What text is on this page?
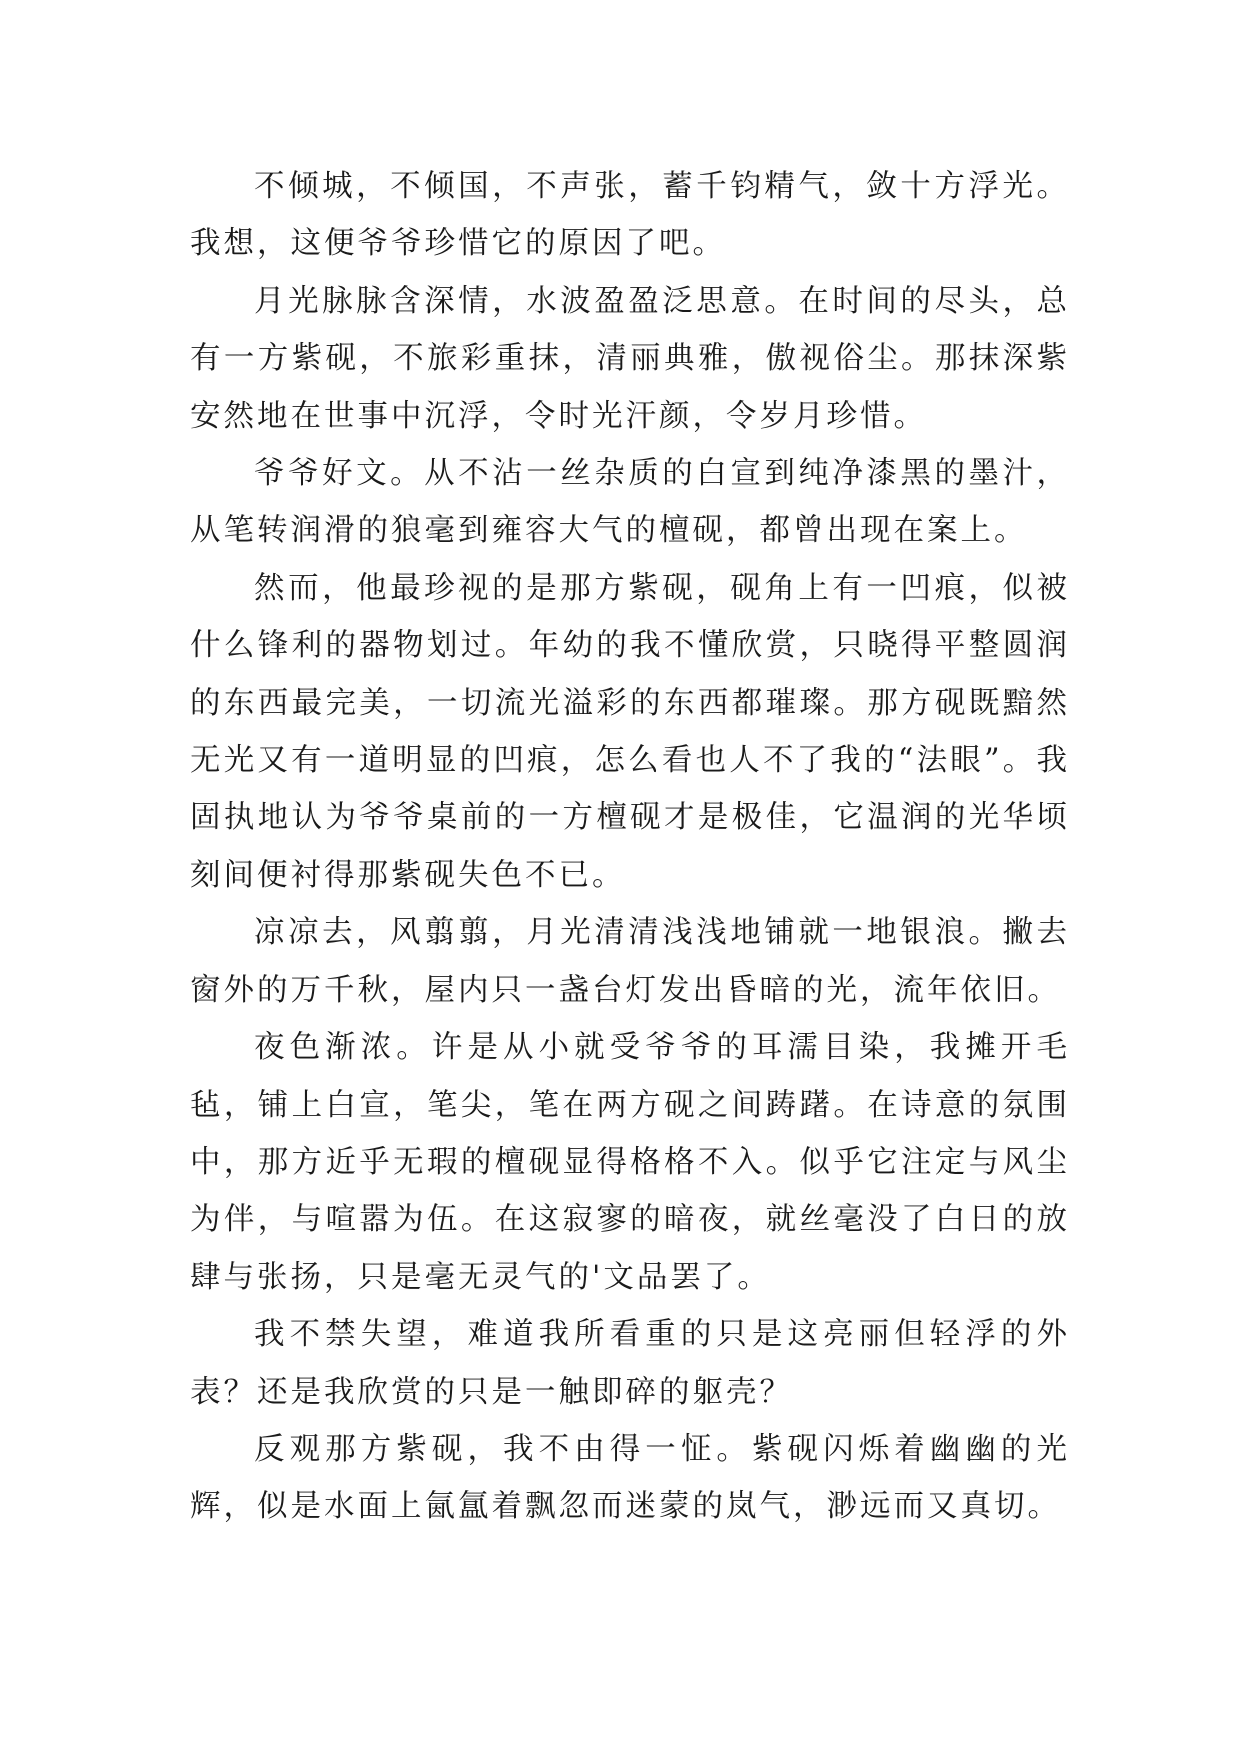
不倾城，不倾国，不声张，蓄千钧精气，敛十方浮光。我想，这便爷爷珍惜它的原因了吧。

月光脉脉含深情，水波盈盈泛思意。在时间的尽头，总有一方紫砚，不旅彩重抹，清丽典雅，傲视俗尘。那抹深紫安然地在世事中沉浮，令时光汗颜，令岁月珍惜。

爷爷好文。从不沾一丝杂质的白宣到纯净漆黑的墨汁，从笔转润滑的狼毫到雍容大气的檀砚，都曾出现在案上。

然而，他最珍视的是那方紫砚，砚角上有一凹痕，似被什么锋利的器物划过。年幼的我不懂欣赏，只晓得平整圆润的东西最完美，一切流光溢彩的东西都璀璨。那方砚既黯然无光又有一道明显的凹痕，怎么看也人不了我的“法眼”。我固执地认为爷爷桌前的一方檀砚才是极佳，它温润的光华顷刻间便衬得那紫砚失色不已。

凉凉去，风翦翦，月光清清浅浅地铺就一地银浪。撇去窗外的万千秋，屋内只一盏台灯发出昏暗的光，流年依旧。

夜色渐浓。许是从小就受爷爷的耳濡目染，我摊开毛毡，铺上白宣，笔尖，笔在两方砚之间踌躇。在诗意的氛围中，那方近乎无瑕的檀砚显得格格不入。似乎它注定与风尘为伴，与喧嚣为伍。在这寂寥的暗夜，就丝毫没了白日的放肆与张扬，只是毫无灵气的'文品罢了。

我不禁失望，难道我所看重的只是这亮丽但轻浮的外表？还是我欣赏的只是一触即碎的躯壳？

反观那方紫砚，我不由得一怔。紫砚闪烁着幽幽的光辉，似是水面上氤氲着飘忽而迷蒙的岚气，渺远而又真切。
